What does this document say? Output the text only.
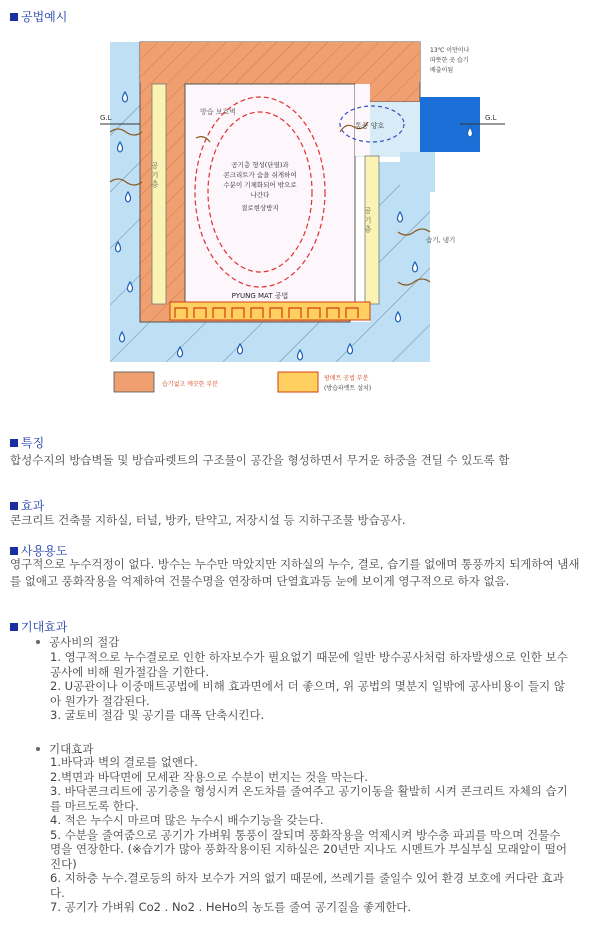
공법예시
G.L	G.L
방습 보호벽
공 기 층
공 기 층
공기층 형성(단열)과
콘크리트가 숨을 쉬게하여
수분이 기체화되어 밖으로
나간다
결로현상방지
통풍 양호
13℃ 이만이나
따뜻한 곳 습기
배출이됨
습기, 냉기
PYUNG MAT 공법
습기없고 깨끗한 부분
팡매트 공법 부분
(방습파렛트 설치)
특징
합성수지의 방습벽돌 및 방습파렛트의 구조물이 공간을 형성하면서 무거운 하중을 견딜 수 있도록 함
효과
콘크리트 건축물 지하실, 터널, 방카, 탄약고, 저장시설 등 지하구조물 방습공사.
사용용도
영구적으로 누수걱정이 없다. 방수는 누수만 막았지만 지하실의 누수, 결로, 습기를 없애며 통풍까지 되게하여 냄새를 없애고 풍화작용을 억제하여 건물수명을 연장하며 단열효과등 눈에 보이게 영구적으로 하자 없음.
기대효과
공사비의 절감
1. 영구적으로 누수결로로 인한 하자보수가 필요없기 때문에 일반 방수공사처럼 하자발생으로 인한 보수공사에 비해 원가절감을 기한다.
2. U공관이나 이중매트공법에 비해 효과면에서 더 좋으며, 위 공법의 몇분지 일밖에 공사비용이 들지 않아 원가가 절감된다.
3. 굴토비 절감 및 공기를 대폭 단축시킨다.
기대효과
1.바닥과 벽의 결로를 없앤다.
2.벽면과 바닥면에 모세관 작용으로 수분이 번지는 것을 막는다.
3. 바닥콘크리트에 공기층을 형성시켜 온도차를 줄여주고 공기이동을 활발히 시켜 콘크리트 자체의 습기를 마르도록 한다.
4. 적은 누수시 마르며 많은 누수시 배수기능을 갖는다.
5. 수분을 줄여줌으로 공기가 가벼워 통풍이 잘되며 풍화작용을 억제시켜 방수층 파괴를 막으며 건물수명을 연장한다. (※습기가 많아 풍화작용이된 지하실은 20년만 지나도 시멘트가 부실부실 모래알이 떨어진다)
6. 지하층 누수.결로등의 하자 보수가 거의 없기 때문에, 쓰레기를 줄일수 있어 환경 보호에 커다란 효과다.
7. 공기가 가벼워 Co2 . No2 . HeHo의 농도를 줄여 공기질을 좋게한다.
